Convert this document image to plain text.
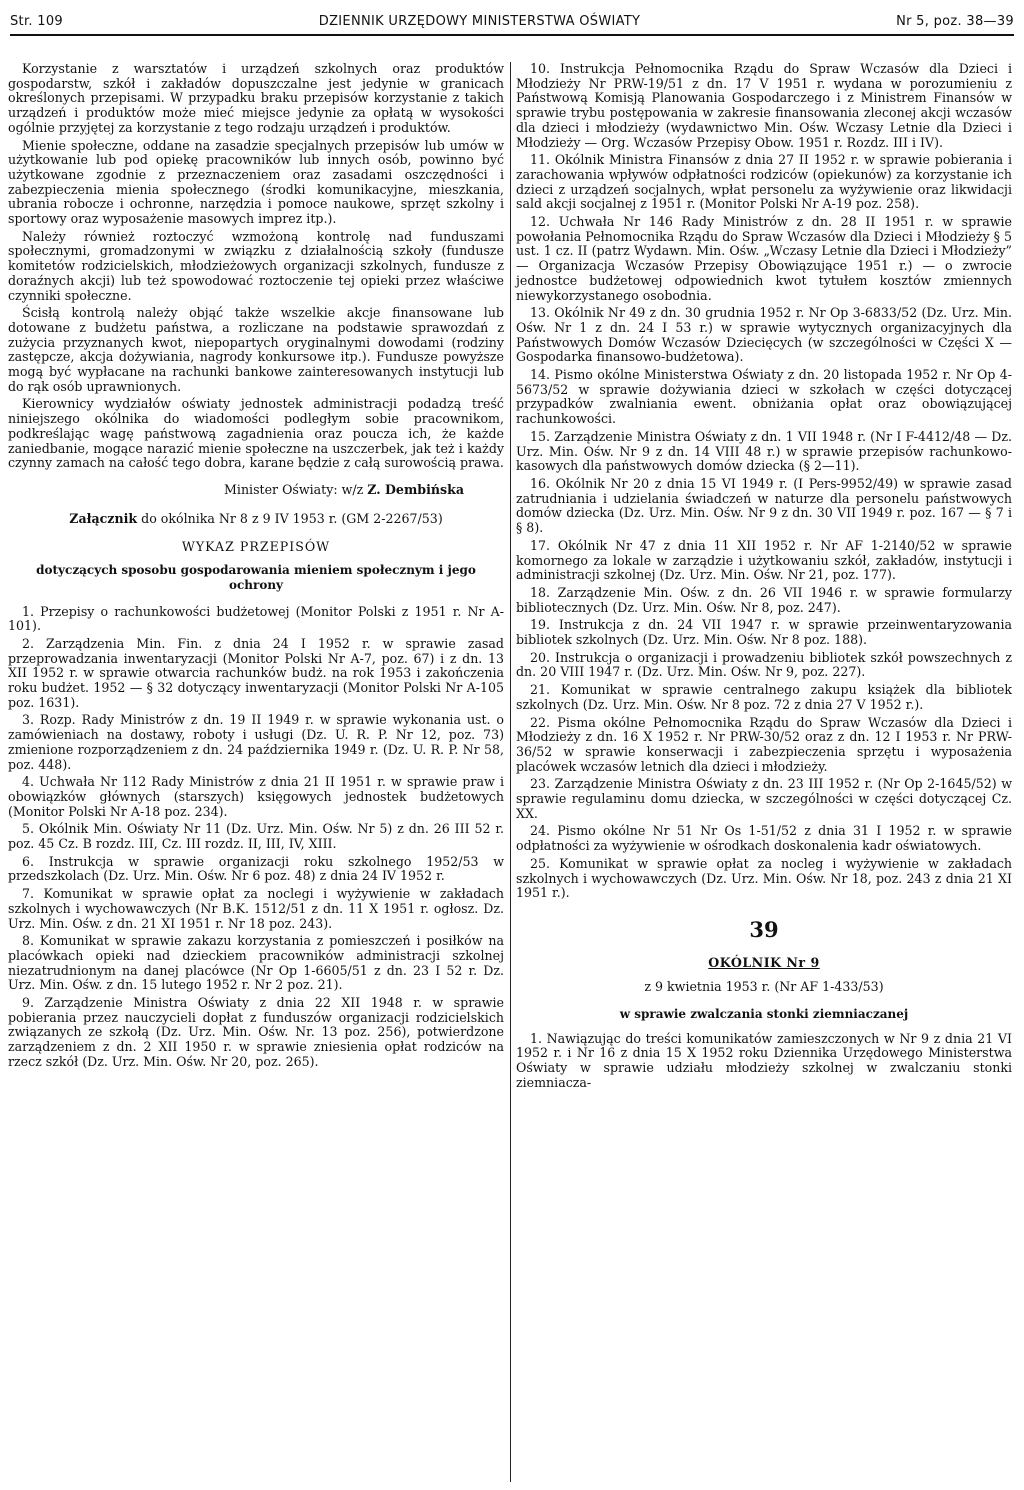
Str. 109	DZIENNIK URZĘDOWY MINISTERSTWA OŚWIATY	Nr 5, poz. 38—39

Korzystanie z warsztatów i urządzeń szkolnych oraz produktów gospodarstw, szkół i zakładów dopuszczalne jest jedynie w granicach określonych przepisami. W przypadku braku przepisów korzystanie z takich urządzeń i produktów może mieć miejsce jedynie za opłatą w wysokości ogólnie przyjętej za korzystanie z tego rodzaju urządzeń i produktów.

Mienie społeczne, oddane na zasadzie specjalnych przepisów lub umów w użytkowanie lub pod opiekę pracowników lub innych osób, powinno być użytkowane zgodnie z przeznaczeniem oraz zasadami oszczędności i zabezpieczenia mienia społecznego (środki komunikacyjne, mieszkania, ubrania robocze i ochronne, narzędzia i pomoce naukowe, sprzęt szkolny i sportowy oraz wyposażenie masowych imprez itp.).

Należy również roztoczyć wzmożoną kontrolę nad funduszami społecznymi, gromadzonymi w związku z działalnością szkoły (fundusze komitetów rodzicielskich, młodzieżowych organizacji szkolnych, fundusze z doraźnych akcji) lub też spowodować roztoczenie tej opieki przez właściwe czynniki społeczne.

Ścisłą kontrolą należy objąć także wszelkie akcje finansowane lub dotowane z budżetu państwa, a rozliczane na podstawie sprawozdań z zużycia przyznanych kwot, niepopartych oryginalnymi dowodami (rodziny zastępcze, akcja dożywiania, nagrody konkursowe itp.). Fundusze powyższe mogą być wypłacane na rachunki bankowe zainteresowanych instytucji lub do rąk osób uprawnionych.

Kierownicy wydziałów oświaty jednostek administracji podadzą treść niniejszego okólnika do wiadomości podległym sobie pracownikom, podkreślając wagę państwową zagadnienia oraz poucza ich, że każde zaniedbanie, mogące narazić mienie społeczne na uszczerbek, jak też i każdy czynny zamach na całość tego dobra, karane będzie z całą surowością prawa.

Minister Oświaty: w/z Z. Dembińska

Załącznik do okólnika Nr 8 z 9 IV 1953 r. (GM 2-2267/53)

WYKAZ PRZEPISÓW

dotyczących sposobu gospodarowania mieniem społecznym i jego ochrony

1. Przepisy o rachunkowości budżetowej (Monitor Polski z 1951 r. Nr A-101).

2. Zarządzenia Min. Fin. z dnia 24 I 1952 r. w sprawie zasad przeprowadzania inwentaryzacji (Monitor Polski Nr A-7, poz. 67) i z dn. 13 XII 1952 r. w sprawie otwarcia rachunków budż. na rok 1953 i zakończenia roku budżet. 1952 — § 32 dotyczący inwentaryzacji (Monitor Polski Nr A-105 poz. 1631).

3. Rozp. Rady Ministrów z dn. 19 II 1949 r. w sprawie wykonania ust. o zamówieniach na dostawy, roboty i usługi (Dz. U. R. P. Nr 12, poz. 73) zmienione rozporządzeniem z dn. 24 października 1949 r. (Dz. U. R. P. Nr 58, poz. 448).

4. Uchwała Nr 112 Rady Ministrów z dnia 21 II 1951 r. w sprawie praw i obowiązków głównych (starszych) księgowych jednostek budżetowych (Monitor Polski Nr A-18 poz. 234).

5. Okólnik Min. Oświaty Nr 11 (Dz. Urz. Min. Ośw. Nr 5) z dn. 26 III 52 r. poz. 45 Cz. B rozdz. III, Cz. III rozdz. II, III, IV, XIII.

6. Instrukcja w sprawie organizacji roku szkolnego 1952/53 w przedszkolach (Dz. Urz. Min. Ośw. Nr 6 poz. 48) z dnia 24 IV 1952 r.

7. Komunikat w sprawie opłat za noclegi i wyżywienie w zakładach szkolnych i wychowawczych (Nr B.K. 1512/51 z dn. 11 X 1951 r. ogłosz. Dz. Urz. Min. Ośw. z dn. 21 XI 1951 r. Nr 18 poz. 243).

8. Komunikat w sprawie zakazu korzystania z pomieszczeń i posiłków na placówkach opieki nad dzieckiem pracowników administracji szkolnej niezatrudnionym na danej placówce (Nr Op 1-6605/51 z dn. 23 I 52 r. Dz. Urz. Min. Ośw. z dn. 15 lutego 1952 r. Nr 2 poz. 21).

9. Zarządzenie Ministra Oświaty z dnia 22 XII 1948 r. w sprawie pobierania przez nauczycieli dopłat z funduszów organizacji rodzicielskich związanych ze szkołą (Dz. Urz. Min. Ośw. Nr. 13 poz. 256), potwierdzone zarządzeniem z dn. 2 XII 1950 r. w sprawie zniesienia opłat rodziców na rzecz szkół (Dz. Urz. Min. Ośw. Nr 20, poz. 265).

10. Instrukcja Pełnomocnika Rządu do Spraw Wczasów dla Dzieci i Młodzieży Nr PRW-19/51 z dn. 17 V 1951 r. wydana w porozumieniu z Państwową Komisją Planowania Gospodarczego i z Ministrem Finansów w sprawie trybu postępowania w zakresie finansowania zleconej akcji wczasów dla dzieci i młodzieży (wydawnictwo Min. Ośw. Wczasy Letnie dla Dzieci i Młodzieży — Org. Wczasów Przepisy Obow. 1951 r. Rozdz. III i IV).

11. Okólnik Ministra Finansów z dnia 27 II 1952 r. w sprawie pobierania i zarachowania wpływów odpłatności rodziców (opiekunów) za korzystanie ich dzieci z urządzeń socjalnych, wpłat personelu za wyżywienie oraz likwidacji sald akcji socjalnej z 1951 r. (Monitor Polski Nr A-19 poz. 258).

12. Uchwała Nr 146 Rady Ministrów z dn. 28 II 1951 r. w sprawie powołania Pełnomocnika Rządu do Spraw Wczasów dla Dzieci i Młodzieży § 5 ust. 1 cz. II (patrz Wydawn. Min. Ośw. „Wczasy Letnie dla Dzieci i Młodzieży” — Organizacja Wczasów Przepisy Obowiązujące 1951 r.) — o zwrocie jednostce budżetowej odpowiednich kwot tytułem kosztów zmiennych niewykorzystanego osobodnia.

13. Okólnik Nr 49 z dn. 30 grudnia 1952 r. Nr Op 3-6833/52 (Dz. Urz. Min. Ośw. Nr 1 z dn. 24 I 53 r.) w sprawie wytycznych organizacyjnych dla Państwowych Domów Wczasów Dziecięcych (w szczególności w Części X — Gospodarka finansowo-budżetowa).

14. Pismo okólne Ministerstwa Oświaty z dn. 20 listopada 1952 r. Nr Op 4-5673/52 w sprawie dożywiania dzieci w szkołach w części dotyczącej przypadków zwalniania ewent. obniżania opłat oraz obowiązującej rachunkowości.

15. Zarządzenie Ministra Oświaty z dn. 1 VII 1948 r. (Nr I F-4412/48 — Dz. Urz. Min. Ośw. Nr 9 z dn. 14 VIII 48 r.) w sprawie przepisów rachunkowo-kasowych dla państwowych domów dziecka (§ 2—11).

16. Okólnik Nr 20 z dnia 15 VI 1949 r. (I Pers-9952/49) w sprawie zasad zatrudniania i udzielania świadczeń w naturze dla personelu państwowych domów dziecka (Dz. Urz. Min. Ośw. Nr 9 z dn. 30 VII 1949 r. poz. 167 — § 7 i § 8).

17. Okólnik Nr 47 z dnia 11 XII 1952 r. Nr AF 1-2140/52 w sprawie komornego za lokale w zarządzie i użytkowaniu szkół, zakładów, instytucji i administracji szkolnej (Dz. Urz. Min. Ośw. Nr 21, poz. 177).

18. Zarządzenie Min. Ośw. z dn. 26 VII 1946 r. w sprawie formularzy bibliotecznych (Dz. Urz. Min. Ośw. Nr 8, poz. 247).

19. Instrukcja z dn. 24 VII 1947 r. w sprawie przeinwentaryzowania bibliotek szkolnych (Dz. Urz. Min. Ośw. Nr 8 poz. 188).

20. Instrukcja o organizacji i prowadzeniu bibliotek szkół powszechnych z dn. 20 VIII 1947 r. (Dz. Urz. Min. Ośw. Nr 9, poz. 227).

21. Komunikat w sprawie centralnego zakupu książek dla bibliotek szkolnych (Dz. Urz. Min. Ośw. Nr 8 poz. 72 z dnia 27 V 1952 r.).

22. Pisma okólne Pełnomocnika Rządu do Spraw Wczasów dla Dzieci i Młodzieży z dn. 16 X 1952 r. Nr PRW-30/52 oraz z dn. 12 I 1953 r. Nr PRW-36/52 w sprawie konserwacji i zabezpieczenia sprzętu i wyposażenia placówek wczasów letnich dla dzieci i młodzieży.

23. Zarządzenie Ministra Oświaty z dn. 23 III 1952 r. (Nr Op 2-1645/52) w sprawie regulaminu domu dziecka, w szczególności w części dotyczącej Cz. XX.

24. Pismo okólne Nr 51 Nr Os 1-51/52 z dnia 31 I 1952 r. w sprawie odpłatności za wyżywienie w ośrodkach doskonalenia kadr oświatowych.

25. Komunikat w sprawie opłat za nocleg i wyżywienie w zakładach szkolnych i wychowawczych (Dz. Urz. Min. Ośw. Nr 18, poz. 243 z dnia 21 XI 1951 r.).

39

OKÓLNIK Nr 9

z 9 kwietnia 1953 r. (Nr AF 1-433/53)

w sprawie zwalczania stonki ziemniaczanej

1. Nawiązując do treści komunikatów zamieszczonych w Nr 9 z dnia 21 VI 1952 r. i Nr 16 z dnia 15 X 1952 roku Dziennika Urzędowego Ministerstwa Oświaty w sprawie udziału młodzieży szkolnej w zwalczaniu stonki ziemniacza-
